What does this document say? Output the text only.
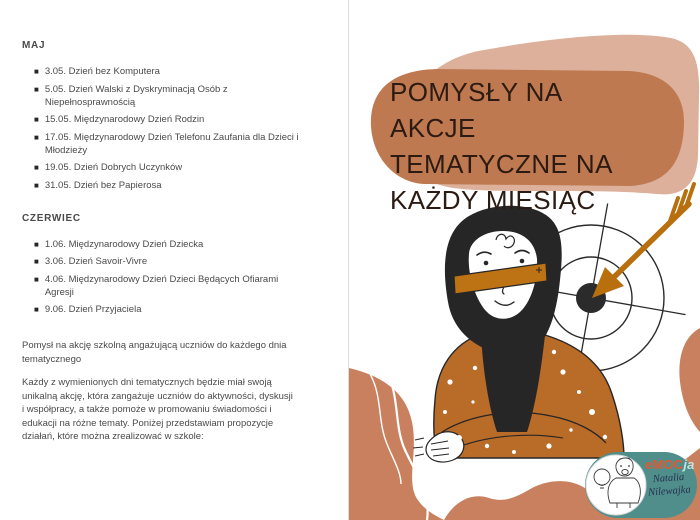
MAJ
■ 3.05. Dzień bez Komputera
■ 5.05. Dzień Walski z Dyskryminacją Osób z Niepełnosprawnością
■ 15.05. Międzynarodowy Dzień Rodzin
■ 17.05. Międzynarodowy Dzień Telefonu Zaufania dla Dzieci i Młodzieży
■ 19.05. Dzień Dobrych Uczynków
■ 31.05. Dzień bez Papierosa
CZERWIEC
■ 1.06. Międzynarodowy Dzień Dziecka
■ 3.06. Dzień Savoir-Vivre
■ 4.06. Międzynarodowy Dzień Dzieci Będących Ofiarami Agresji
■ 9.06. Dzień Przyjaciela

Pomysł na akcję szkolną angażującą uczniów do każdego dnia tematycznego

Każdy z wymienionych dni tematycznych będzie miał swoją unikalną akcję, która zangażuje uczniów do aktywności, dyskusji i współpracy, a także pomoże w promowaniu świadomości i edukacji na różne tematy. Poniżej przedstawiam propozycje działań, które można zrealizować w szkole:

POMYSŁY NA AKCJE TEMATYCZNE NA KAŻDY MIESIĄC
eMOCja
Natalia
Nilewajka
